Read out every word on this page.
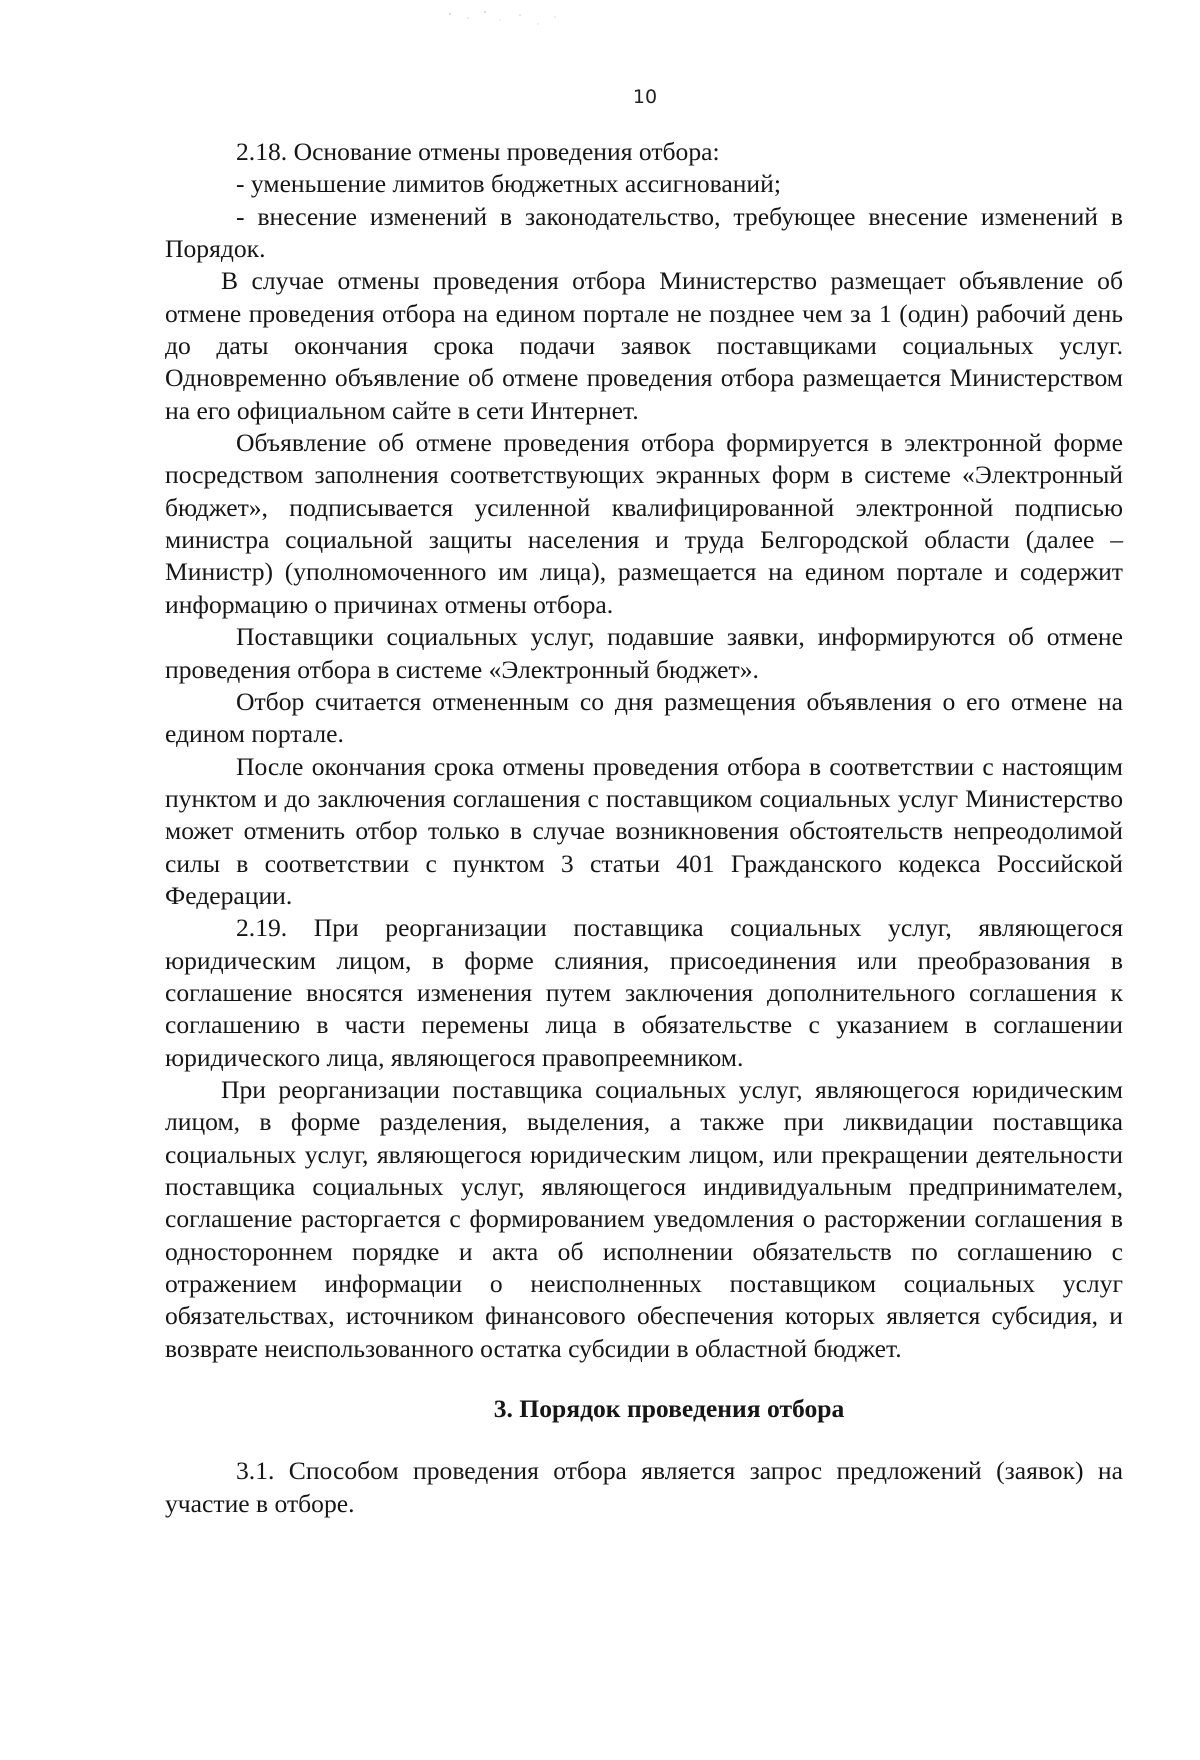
10

2.18. Основание отмены проведения отбора:

- уменьшение лимитов бюджетных ассигнований;

- внесение изменений в законодательство, требующее внесение изменений в Порядок.

В случае отмены проведения отбора Министерство размещает объявление об отмене проведения отбора на едином портале не позднее чем за 1 (один) рабочий день до даты окончания срока подачи заявок поставщиками социальных услуг. Одновременно объявление об отмене проведения отбора размещается Министерством на его официальном сайте в сети Интернет.

Объявление об отмене проведения отбора формируется в электронной форме посредством заполнения соответствующих экранных форм в системе «Электронный бюджет», подписывается усиленной квалифицированной электронной подписью министра социальной защиты населения и труда Белгородской области (далее – Министр) (уполномоченного им лица), размещается на едином портале и содержит информацию о причинах отмены отбора.

Поставщики социальных услуг, подавшие заявки, информируются об отмене проведения отбора в системе «Электронный бюджет».

Отбор считается отмененным со дня размещения объявления о его отмене на едином портале.

После окончания срока отмены проведения отбора в соответствии с настоящим пунктом и до заключения соглашения с поставщиком социальных услуг Министерство может отменить отбор только в случае возникновения обстоятельств непреодолимой силы в соответствии с пунктом 3 статьи 401 Гражданского кодекса Российской Федерации.

2.19. При реорганизации поставщика социальных услуг, являющегося юридическим лицом, в форме слияния, присоединения или преобразования в соглашение вносятся изменения путем заключения дополнительного соглашения к соглашению в части перемены лица в обязательстве с указанием в соглашении юридического лица, являющегося правопреемником.

При реорганизации поставщика социальных услуг, являющегося юридическим лицом, в форме разделения, выделения, а также при ликвидации поставщика социальных услуг, являющегося юридическим лицом, или прекращении деятельности поставщика социальных услуг, являющегося индивидуальным предпринимателем, соглашение расторгается с формированием уведомления о расторжении соглашения в одностороннем порядке и акта об исполнении обязательств по соглашению с отражением информации о неисполненных поставщиком социальных услуг обязательствах, источником финансового обеспечения которых является субсидия, и возврате неиспользованного остатка субсидии в областной бюджет.

3. Порядок проведения отбора

3.1. Способом проведения отбора является запрос предложений (заявок) на участие в отборе.
